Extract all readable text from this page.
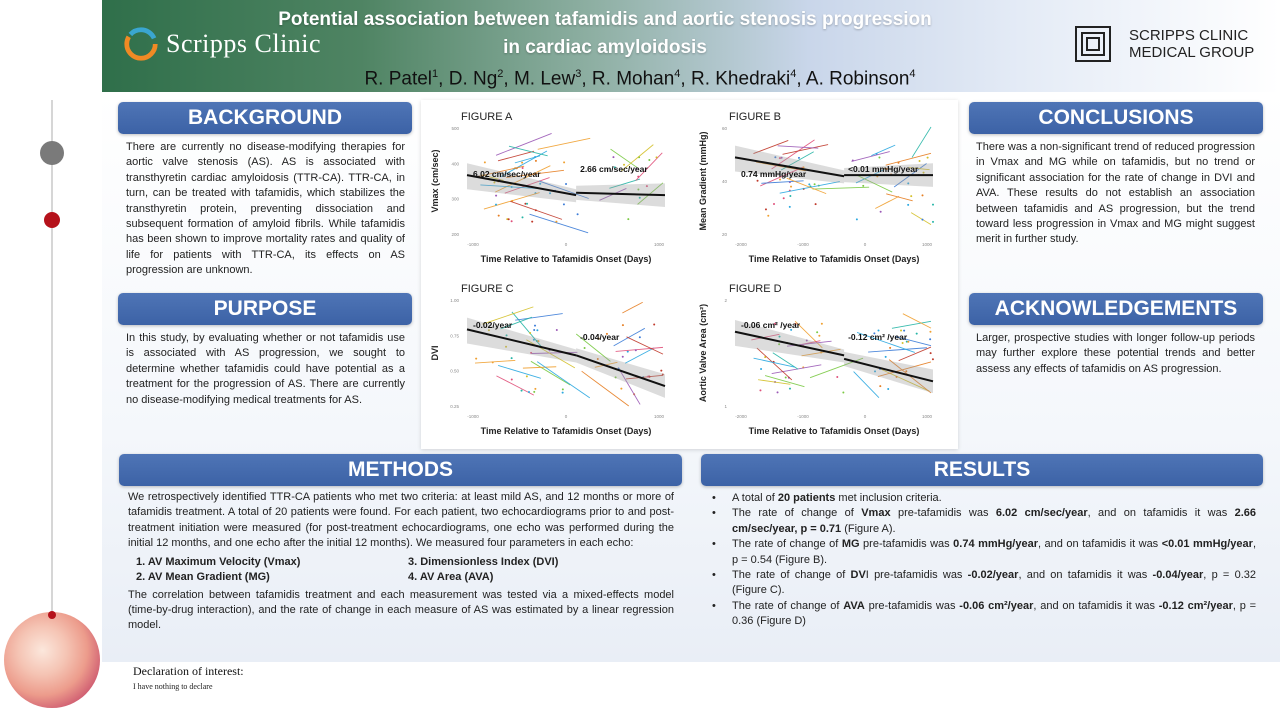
Scripps Clinic
Potential association between tafamidis and aortic stenosis progression
in cardiac amyloidosis
R. Patel$^1$, D. Ng$^2$, M. Lew$^3$, R. Mohan$^4$, R. Khedraki$^4$, A. Robinson$^4$
SCRIPPS CLINIC
MEDICAL GROUP
BACKGROUND
There are currently no disease-modifying therapies for aortic valve stenosis (AS). AS is associated with transthyretin cardiac amyloidosis (TTR-CA). TTR-CA, in turn, can be treated with tafamidis, which stabilizes the transthyretin protein, preventing dissociation and subsequent formation of amyloid fibrils. While tafamidis has been shown to improve mortality rates and quality of life for patients with TTR-CA, its effects on AS progression are unknown.
PURPOSE
In this study, by evaluating whether or not tafamidis use is associated with AS progression, we sought to determine whether tafamidis could have potential as a treatment for the progression of AS. There are currently no disease-modifying medical treatments for AS.
CONCLUSIONS
There was a non-significant trend of reduced progression in Vmax and MG while on tafamidis, but no trend or significant association for the rate of change in DVI and AVA. These results do not establish an association between tafamidis and AS progression, but the trend toward less progression in Vmax and MG might suggest merit in further study.
ACKNOWLEDGEMENTS
Larger, prospective studies with longer follow-up periods may further explore these potential trends and better assess any effects of tafamidis on AS progression.
FIGURE A
Vmax (cm/sec)
500
400
300
200
-1000	0	1000
6.02 cm/sec/year	2.66 cm/sec/year
Time Relative to Tafamidis Onset (Days)
FIGURE B
Mean Gradient (mmHg)
60
40
20
-2000	-1000	0	1000
0.74 mmHg/year	<0.01 mmHg/year
Time Relative to Tafamidis Onset (Days)
FIGURE C
DVI
1.00
0.75
0.50
0.25
-1000	0	1000
-0.02/year
-0.04/year
Time Relative to Tafamidis Onset (Days)
FIGURE D
Aortic Valve Area (cm²)
2
1
-2000	-1000	0	1000
-0.06 cm² /year
-0.12 cm² /year
Time Relative to Tafamidis Onset (Days)
METHODS
We retrospectively identified TTR-CA patients who met two criteria: at least mild AS, and 12 months or more of tafamidis treatment. A total of 20 patients were found. For each patient, two echocardiograms prior to and post-treatment initiation were measured (for post-treatment echocardiograms, one echo was performed during the initial 12 months, and one echo after the initial 12 months). We measured four parameters in each echo:
1. AV Maximum Velocity (Vmax)	3. Dimensionless Index (DVI)
2. AV Mean Gradient (MG)	4. AV Area (AVA)
The correlation between tafamidis treatment and each measurement was tested via a mixed-effects model (time-by-drug interaction), and the rate of change in each measure of AS was estimated by a linear regression model.
RESULTS
• A total of 20 patients met inclusion criteria.
• The rate of change of Vmax pre-tafamidis was 6.02 cm/sec/year, and on tafamidis it was 2.66 cm/sec/year, p = 0.71 (Figure A).
• The rate of change of MG pre-tafamidis was 0.74 mmHg/year, and on tafamidis it was <0.01 mmHg/year, p = 0.54 (Figure B).
• The rate of change of DVI pre-tafamidis was -0.02/year, and on tafamidis it was -0.04/year, p = 0.32 (Figure C).
• The rate of change of AVA pre-tafamidis was -0.06 cm²/year, and on tafamidis it was -0.12 cm²/year, p = 0.36 (Figure D)
Declaration of interest:
I have nothing to declare
